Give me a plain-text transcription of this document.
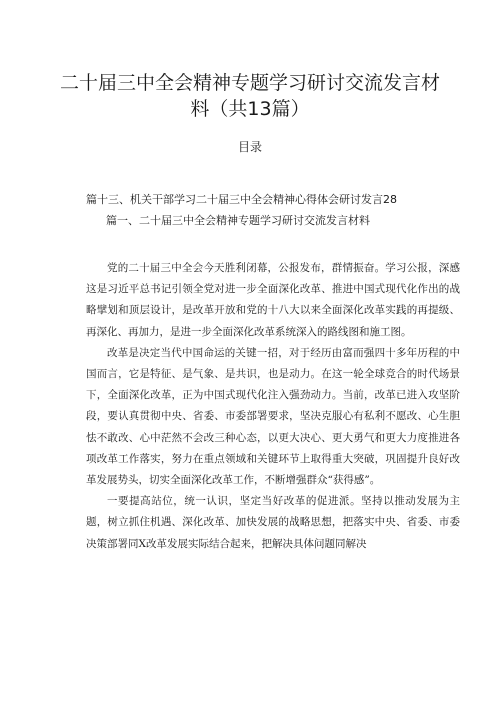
二十届三中全会精神专题学习研讨交流发言材
料（共13篇）
目录
篇十三、机关干部学习二十届三中全会精神心得体会研讨发言28
篇一、二十届三中全会精神专题学习研讨交流发言材料

党的二十届三中全会今天胜利闭幕，公报发布，群情振奋。学习公报，深感这是习近平总书记引领全党对进一步全面深化改革、推进中国式现代化作出的战略擘划和顶层设计，是改革开放和党的十八大以来全面深化改革实践的再提级、再深化、再加力，是进一步全面深化改革系统深入的路线图和施工图。

改革是决定当代中国命运的关键一招，对于经历由富而强四十多年历程的中国而言，它是特征、是气象、是共识，也是动力。在这一轮全球竞合的时代场景下，全面深化改革，正为中国式现代化注入强劲动力。当前，改革已进入攻坚阶段，要认真贯彻中央、省委、市委部署要求，坚决克服心有私利不愿改、心生胆怯不敢改、心中茫然不会改三种心态，以更大决心、更大勇气和更大力度推进各项改革工作落实，努力在重点领域和关键环节上取得重大突破，巩固提升良好改革发展势头，切实全面深化改革工作，不断增强群众“获得感”。

一要提高站位，统一认识，坚定当好改革的促进派。坚持以推动发展为主题，树立抓住机遇、深化改革、加快发展的战略思想，把落实中央、省委、市委决策部署同X改革发展实际结合起来，把解决具体问题同解决
